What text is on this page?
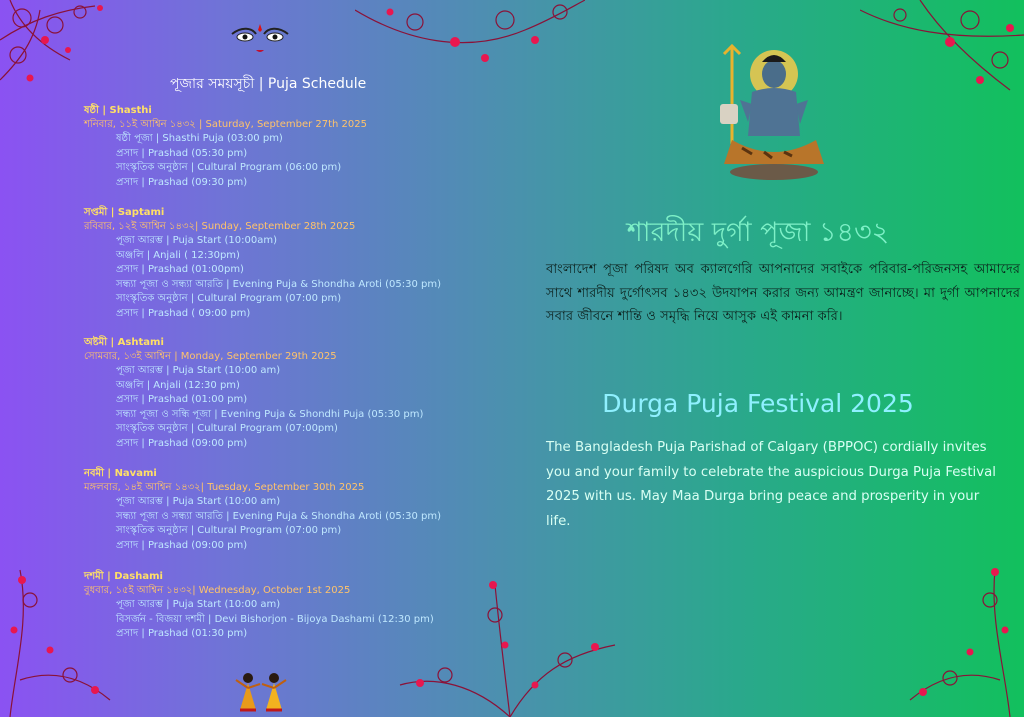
পূজার সময়সূচী | Puja Schedule
ষষ্ঠী | Shasthi
শনিবার, ১১ই আশ্বিন ১৪৩২ | Saturday, September 27th 2025
ষষ্ঠী পূজা | Shasthi Puja (03:00 pm)
প্রসাদ | Prashad (05:30 pm)
সাংস্কৃতিক অনুষ্ঠান | Cultural Program (06:00 pm)
প্রসাদ | Prashad (09:30 pm)
সপ্তমী | Saptami
রবিবার, ১২ই আশ্বিন ১৪৩২| Sunday, September 28th 2025
পূজা আরম্ভ | Puja Start (10:00am)
অঞ্জলি | Anjali ( 12:30pm)
প্রসাদ | Prashad (01:00pm)
সন্ধ্যা পূজা ও সন্ধ্যা আরতি | Evening Puja & Shondha Aroti (05:30 pm)
সাংস্কৃতিক অনুষ্ঠান | Cultural Program (07:00 pm)
প্রসাদ | Prashad ( 09:00 pm)
অষ্টমী | Ashtami
সোমবার, ১৩ই আশ্বিন | Monday, September 29th 2025
পূজা আরম্ভ | Puja Start (10:00 am)
অঞ্জলি | Anjali (12:30 pm)
প্রসাদ | Prashad (01:00 pm)
সন্ধ্যা পূজা ও সন্ধি পূজা | Evening Puja & Shondhi Puja (05:30 pm)
সাংস্কৃতিক অনুষ্ঠান | Cultural Program (07:00pm)
প্রসাদ | Prashad (09:00 pm)
নবমী | Navami
মঙ্গলবার, ১৪ই আশ্বিন ১৪৩২| Tuesday, September 30th 2025
পূজা আরম্ভ | Puja Start (10:00 am)
সন্ধ্যা পূজা ও সন্ধ্যা আরতি | Evening Puja & Shondha Aroti (05:30 pm)
সাংস্কৃতিক অনুষ্ঠান | Cultural Program (07:00 pm)
প্রসাদ | Prashad (09:00 pm)
দশমী | Dashami
বুধবার, ১৫ই আশ্বিন ১৪৩২| Wednesday, October 1st 2025
পূজা আরম্ভ | Puja Start (10:00 am)
বিসর্জন - বিজয়া দশমী | Devi Bishorjon - Bijoya Dashami (12:30 pm)
প্রসাদ | Prashad (01:30 pm)
শারদীয় দুর্গা পূজা ১৪৩২

বাংলাদেশ পূজা পরিষদ অব ক্যালগেরি আপনাদের সবাইকে পরিবার-পরিজনসহ আমাদের সাথে শারদীয় দুর্গোৎসব ১৪৩২ উদযাপন করার জন্য আমন্ত্রণ জানাচ্ছে। মা দুর্গা আপনাদের সবার জীবনে শান্তি ও সমৃদ্ধি নিয়ে আসুক এই কামনা করি।

Durga Puja Festival 2025

The Bangladesh Puja Parishad of Calgary (BPPOC) cordially invites you and your family to celebrate the auspicious Durga Puja Festival 2025 with us. May Maa Durga bring peace and prosperity in your life.
